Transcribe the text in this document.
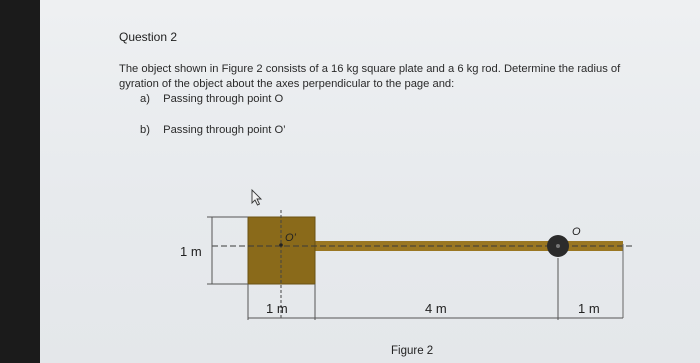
Question 2

The object shown in Figure 2 consists of a 16 kg square plate and a 6 kg rod. Determine the radius of gyration of the object about the axes perpendicular to the page and:

a) Passing through point O
b) Passing through point O’
O’	O
1 m
1 m	4 m	1 m
Figure 2
